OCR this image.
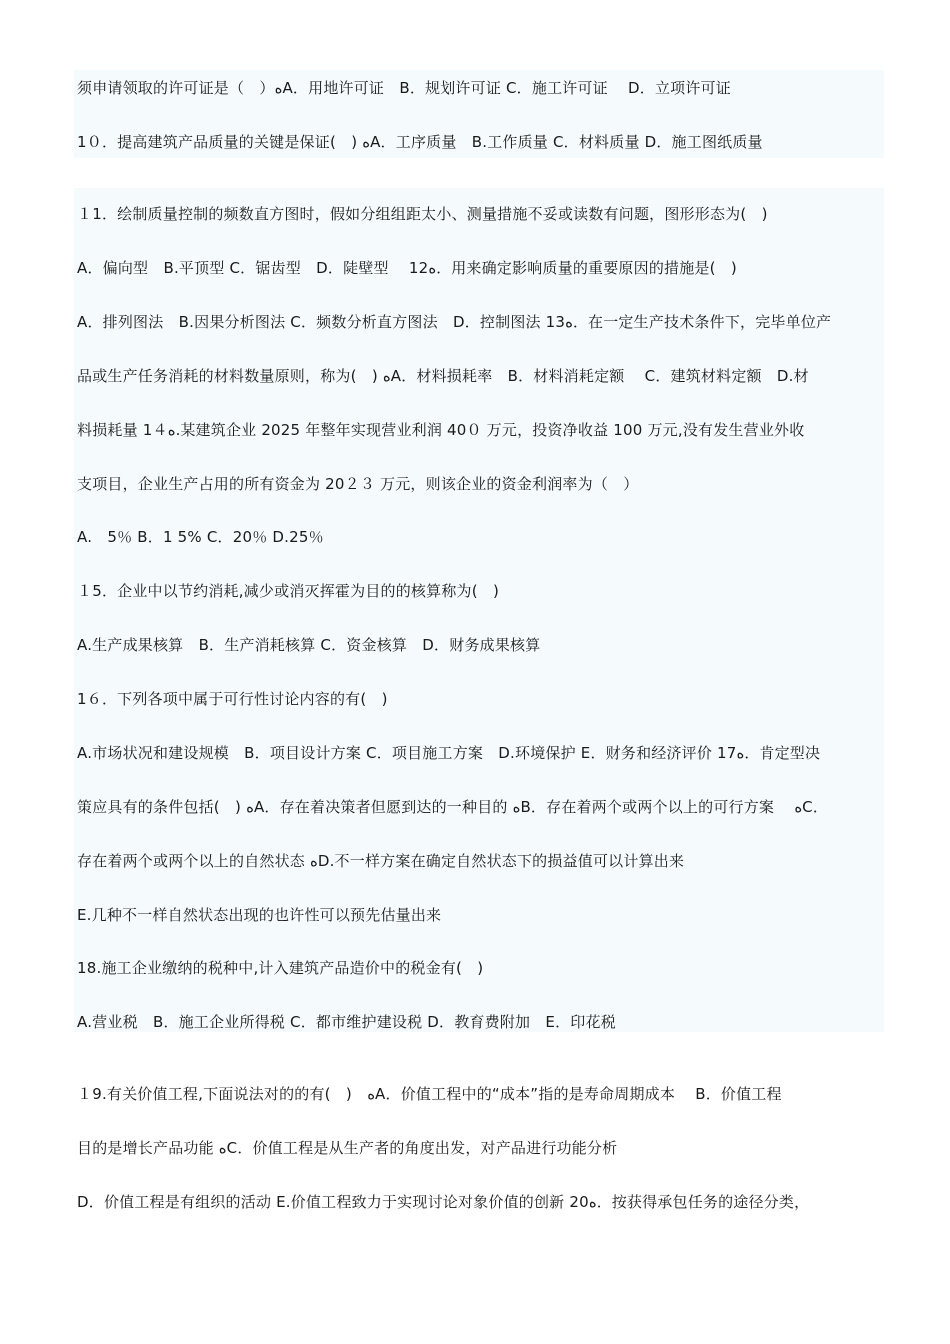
须申请领取的许可证是（　）ﻩA．用地许可证　B．规划许可证 C．施工许可证　 D．立项许可证
1０．提高建筑产品质量的关键是保证(　) ﻩA．工序质量　B.工作质量 C．材料质量 D．施工图纸质量
１1．绘制质量控制的频数直方图时，假如分组组距太小、测量措施不妥或读数有问题，图形形态为(　)
A．偏向型　B.平顶型 C．锯齿型　D．陡壁型　 12ﻩ．用来确定影响质量的重要原因的措施是(　)
A．排列图法　B.因果分析图法 C．频数分析直方图法　D．控制图法 13ﻩ．在一定生产技术条件下，完毕单位产
品或生产任务消耗的材料数量原则，称为(　) ﻩA．材料损耗率　B．材料消耗定额　 C．建筑材料定额　D.材
料损耗量 1４ﻩ.某建筑企业 2025 年整年实现营业利润 40０ 万元，投资净收益 100 万元,没有发生营业外收
支项目，企业生产占用的所有资金为 20２３ 万元，则该企业的资金利润率为（　）
A.　5％ B．1 5% C．20％ D.25％
１5．企业中以节约消耗,减少或消灭挥霍为目的的核算称为(　)
A.生产成果核算　B．生产消耗核算 C．资金核算　D．财务成果核算
1６．下列各项中属于可行性讨论内容的有(　)
A.市场状况和建设规模　B．项目设计方案 C．项目施工方案　D.环境保护 E．财务和经济评价 17ﻩ．肯定型决
策应具有的条件包括(　) ﻩA．存在着决策者但愿到达的一种目的 ﻩB．存在着两个或两个以上的可行方案　 ﻩC．
存在着两个或两个以上的自然状态 ﻩD.不一样方案在确定自然状态下的损益值可以计算出来
E.几种不一样自然状态出现的也许性可以预先估量出来
18.施工企业缴纳的税种中,计入建筑产品造价中的税金有(　)
A.营业税　B．施工企业所得税 C．都市维护建设税 D．教育费附加　E．印花税
１9.有关价值工程,下面说法对的的有(　)　ﻩA．价值工程中的“成本”指的是寿命周期成本　 B．价值工程
目的是增长产品功能 ﻩC．价值工程是从生产者的角度出发，对产品进行功能分析
D．价值工程是有组织的活动 E.价值工程致力于实现讨论对象价值的创新 20ﻩ．按获得承包任务的途径分类，
